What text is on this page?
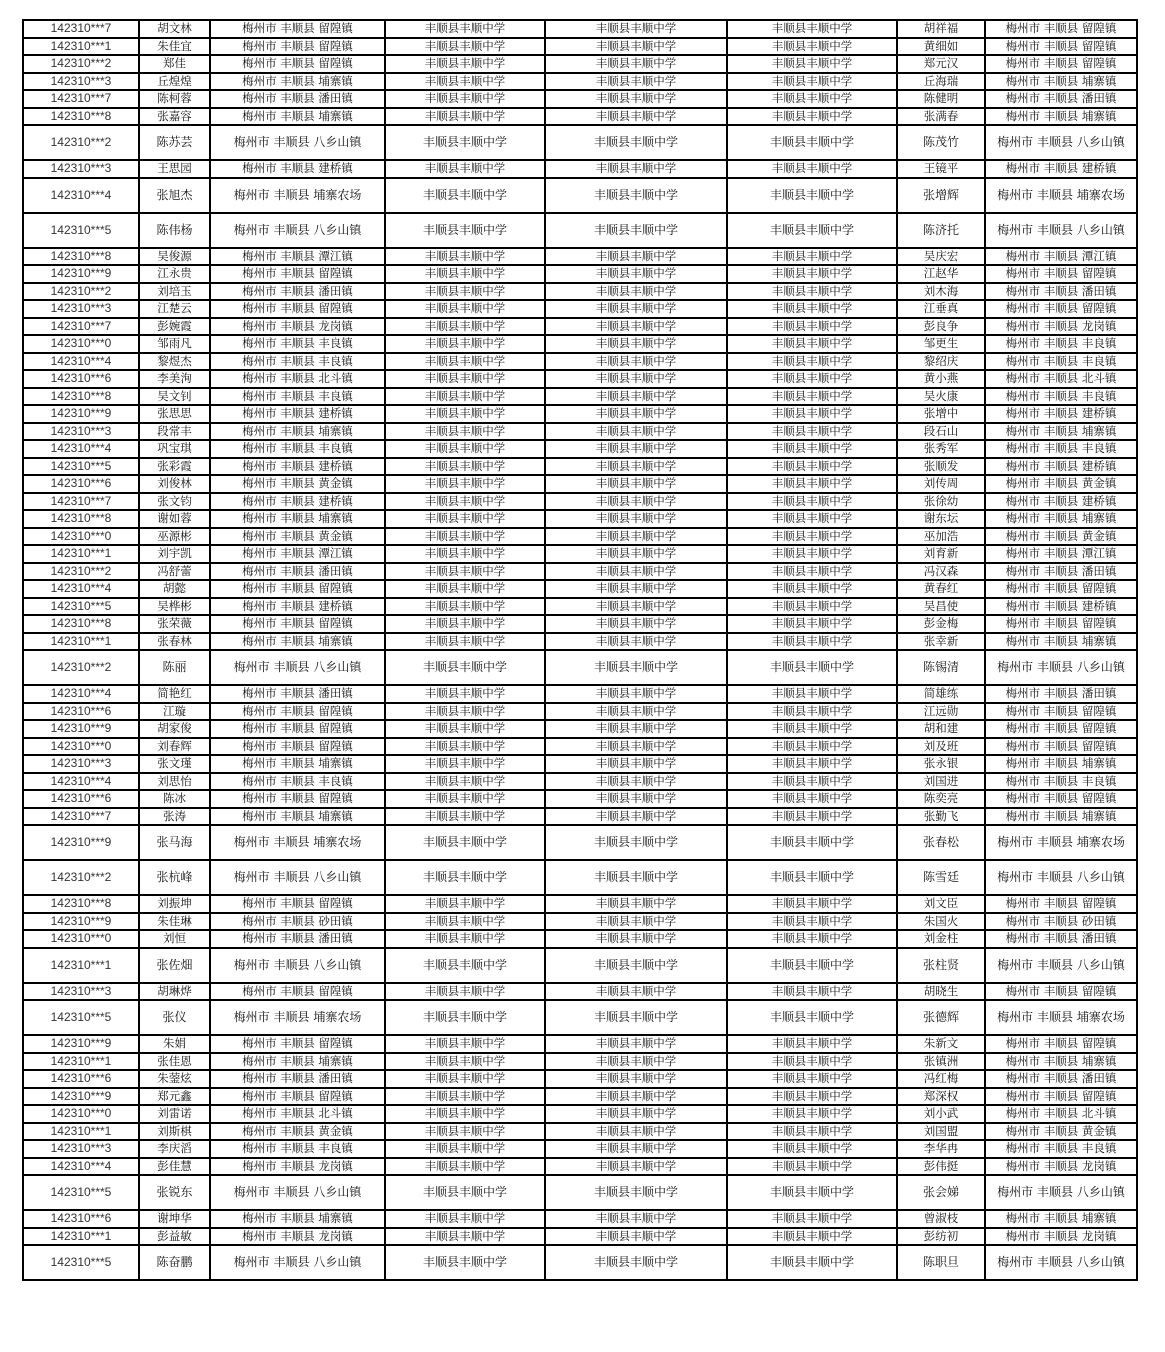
142310***7	胡文林	梅州市 丰顺县 留隍镇	丰顺县丰顺中学	丰顺县丰顺中学	丰顺县丰顺中学	胡祥福	梅州市 丰顺县 留隍镇
142310***1	朱佳宜	梅州市 丰顺县 留隍镇	丰顺县丰顺中学	丰顺县丰顺中学	丰顺县丰顺中学	黄细如	梅州市 丰顺县 留隍镇
142310***2	郑佳	梅州市 丰顺县 留隍镇	丰顺县丰顺中学	丰顺县丰顺中学	丰顺县丰顺中学	郑元汉	梅州市 丰顺县 留隍镇
142310***3	丘煌煌	梅州市 丰顺县 埔寨镇	丰顺县丰顺中学	丰顺县丰顺中学	丰顺县丰顺中学	丘海瑞	梅州市 丰顺县 埔寨镇
142310***7	陈柯蓉	梅州市 丰顺县 潘田镇	丰顺县丰顺中学	丰顺县丰顺中学	丰顺县丰顺中学	陈健明	梅州市 丰顺县 潘田镇
142310***8	张嘉容	梅州市 丰顺县 埔寨镇	丰顺县丰顺中学	丰顺县丰顺中学	丰顺县丰顺中学	张满春	梅州市 丰顺县 埔寨镇
142310***2	陈苏芸	梅州市 丰顺县 八乡山镇	丰顺县丰顺中学	丰顺县丰顺中学	丰顺县丰顺中学	陈茂竹	梅州市 丰顺县 八乡山镇
142310***3	王思园	梅州市 丰顺县 建桥镇	丰顺县丰顺中学	丰顺县丰顺中学	丰顺县丰顺中学	王镜平	梅州市 丰顺县 建桥镇
142310***4	张旭杰	梅州市 丰顺县 埔寨农场	丰顺县丰顺中学	丰顺县丰顺中学	丰顺县丰顺中学	张增辉	梅州市 丰顺县 埔寨农场
142310***5	陈伟杨	梅州市 丰顺县 八乡山镇	丰顺县丰顺中学	丰顺县丰顺中学	丰顺县丰顺中学	陈济托	梅州市 丰顺县 八乡山镇
142310***8	吴俊源	梅州市 丰顺县 潭江镇	丰顺县丰顺中学	丰顺县丰顺中学	丰顺县丰顺中学	吴庆宏	梅州市 丰顺县 潭江镇
142310***9	江永贵	梅州市 丰顺县 留隍镇	丰顺县丰顺中学	丰顺县丰顺中学	丰顺县丰顺中学	江赵华	梅州市 丰顺县 留隍镇
142310***2	刘培玉	梅州市 丰顺县 潘田镇	丰顺县丰顺中学	丰顺县丰顺中学	丰顺县丰顺中学	刘木海	梅州市 丰顺县 潘田镇
142310***3	江楚云	梅州市 丰顺县 留隍镇	丰顺县丰顺中学	丰顺县丰顺中学	丰顺县丰顺中学	江垂真	梅州市 丰顺县 留隍镇
142310***7	彭婉霞	梅州市 丰顺县 龙岗镇	丰顺县丰顺中学	丰顺县丰顺中学	丰顺县丰顺中学	彭良争	梅州市 丰顺县 龙岗镇
142310***0	邹雨凡	梅州市 丰顺县 丰良镇	丰顺县丰顺中学	丰顺县丰顺中学	丰顺县丰顺中学	邹更生	梅州市 丰顺县 丰良镇
142310***4	黎煜杰	梅州市 丰顺县 丰良镇	丰顺县丰顺中学	丰顺县丰顺中学	丰顺县丰顺中学	黎绍庆	梅州市 丰顺县 丰良镇
142310***6	李美洵	梅州市 丰顺县 北斗镇	丰顺县丰顺中学	丰顺县丰顺中学	丰顺县丰顺中学	黄小燕	梅州市 丰顺县 北斗镇
142310***8	吴文钊	梅州市 丰顺县 丰良镇	丰顺县丰顺中学	丰顺县丰顺中学	丰顺县丰顺中学	吴火康	梅州市 丰顺县 丰良镇
142310***9	张思思	梅州市 丰顺县 建桥镇	丰顺县丰顺中学	丰顺县丰顺中学	丰顺县丰顺中学	张增中	梅州市 丰顺县 建桥镇
142310***3	段常丰	梅州市 丰顺县 埔寨镇	丰顺县丰顺中学	丰顺县丰顺中学	丰顺县丰顺中学	段石山	梅州市 丰顺县 埔寨镇
142310***4	巩宝琪	梅州市 丰顺县 丰良镇	丰顺县丰顺中学	丰顺县丰顺中学	丰顺县丰顺中学	张秀军	梅州市 丰顺县 丰良镇
142310***5	张彩霞	梅州市 丰顺县 建桥镇	丰顺县丰顺中学	丰顺县丰顺中学	丰顺县丰顺中学	张顺发	梅州市 丰顺县 建桥镇
142310***6	刘俊林	梅州市 丰顺县 黄金镇	丰顺县丰顺中学	丰顺县丰顺中学	丰顺县丰顺中学	刘传周	梅州市 丰顺县 黄金镇
142310***7	张文钧	梅州市 丰顺县 建桥镇	丰顺县丰顺中学	丰顺县丰顺中学	丰顺县丰顺中学	张徐幼	梅州市 丰顺县 建桥镇
142310***8	谢如蓉	梅州市 丰顺县 埔寨镇	丰顺县丰顺中学	丰顺县丰顺中学	丰顺县丰顺中学	谢东坛	梅州市 丰顺县 埔寨镇
142310***0	巫源彬	梅州市 丰顺县 黄金镇	丰顺县丰顺中学	丰顺县丰顺中学	丰顺县丰顺中学	巫加浩	梅州市 丰顺县 黄金镇
142310***1	刘宇凯	梅州市 丰顺县 潭江镇	丰顺县丰顺中学	丰顺县丰顺中学	丰顺县丰顺中学	刘育新	梅州市 丰顺县 潭江镇
142310***2	冯舒蕾	梅州市 丰顺县 潘田镇	丰顺县丰顺中学	丰顺县丰顺中学	丰顺县丰顺中学	冯汉森	梅州市 丰顺县 潘田镇
142310***4	胡懿	梅州市 丰顺县 留隍镇	丰顺县丰顺中学	丰顺县丰顺中学	丰顺县丰顺中学	黄春红	梅州市 丰顺县 留隍镇
142310***5	吴桦彬	梅州市 丰顺县 建桥镇	丰顺县丰顺中学	丰顺县丰顺中学	丰顺县丰顺中学	吴昌使	梅州市 丰顺县 建桥镇
142310***8	张荣薇	梅州市 丰顺县 留隍镇	丰顺县丰顺中学	丰顺县丰顺中学	丰顺县丰顺中学	彭金梅	梅州市 丰顺县 留隍镇
142310***1	张春林	梅州市 丰顺县 埔寨镇	丰顺县丰顺中学	丰顺县丰顺中学	丰顺县丰顺中学	张幸新	梅州市 丰顺县 埔寨镇
142310***2	陈丽	梅州市 丰顺县 八乡山镇	丰顺县丰顺中学	丰顺县丰顺中学	丰顺县丰顺中学	陈锡清	梅州市 丰顺县 八乡山镇
142310***4	简艳红	梅州市 丰顺县 潘田镇	丰顺县丰顺中学	丰顺县丰顺中学	丰顺县丰顺中学	简雄练	梅州市 丰顺县 潘田镇
142310***6	江璇	梅州市 丰顺县 留隍镇	丰顺县丰顺中学	丰顺县丰顺中学	丰顺县丰顺中学	江远勋	梅州市 丰顺县 留隍镇
142310***9	胡家俊	梅州市 丰顺县 留隍镇	丰顺县丰顺中学	丰顺县丰顺中学	丰顺县丰顺中学	胡和建	梅州市 丰顺县 留隍镇
142310***0	刘春辉	梅州市 丰顺县 留隍镇	丰顺县丰顺中学	丰顺县丰顺中学	丰顺县丰顺中学	刘及班	梅州市 丰顺县 留隍镇
142310***3	张文瑾	梅州市 丰顺县 埔寨镇	丰顺县丰顺中学	丰顺县丰顺中学	丰顺县丰顺中学	张永银	梅州市 丰顺县 埔寨镇
142310***4	刘思怡	梅州市 丰顺县 丰良镇	丰顺县丰顺中学	丰顺县丰顺中学	丰顺县丰顺中学	刘国进	梅州市 丰顺县 丰良镇
142310***6	陈冰	梅州市 丰顺县 留隍镇	丰顺县丰顺中学	丰顺县丰顺中学	丰顺县丰顺中学	陈奕亮	梅州市 丰顺县 留隍镇
142310***7	张涛	梅州市 丰顺县 埔寨镇	丰顺县丰顺中学	丰顺县丰顺中学	丰顺县丰顺中学	张勤飞	梅州市 丰顺县 埔寨镇
142310***9	张马海	梅州市 丰顺县 埔寨农场	丰顺县丰顺中学	丰顺县丰顺中学	丰顺县丰顺中学	张春松	梅州市 丰顺县 埔寨农场
142310***2	张杭峰	梅州市 丰顺县 八乡山镇	丰顺县丰顺中学	丰顺县丰顺中学	丰顺县丰顺中学	陈雪廷	梅州市 丰顺县 八乡山镇
142310***8	刘振坤	梅州市 丰顺县 留隍镇	丰顺县丰顺中学	丰顺县丰顺中学	丰顺县丰顺中学	刘文臣	梅州市 丰顺县 留隍镇
142310***9	朱佳琳	梅州市 丰顺县 砂田镇	丰顺县丰顺中学	丰顺县丰顺中学	丰顺县丰顺中学	朱国火	梅州市 丰顺县 砂田镇
142310***0	刘恒	梅州市 丰顺县 潘田镇	丰顺县丰顺中学	丰顺县丰顺中学	丰顺县丰顺中学	刘金柱	梅州市 丰顺县 潘田镇
142310***1	张佐畑	梅州市 丰顺县 八乡山镇	丰顺县丰顺中学	丰顺县丰顺中学	丰顺县丰顺中学	张柱贤	梅州市 丰顺县 八乡山镇
142310***3	胡琳烨	梅州市 丰顺县 留隍镇	丰顺县丰顺中学	丰顺县丰顺中学	丰顺县丰顺中学	胡晓生	梅州市 丰顺县 留隍镇
142310***5	张仪	梅州市 丰顺县 埔寨农场	丰顺县丰顺中学	丰顺县丰顺中学	丰顺县丰顺中学	张德辉	梅州市 丰顺县 埔寨农场
142310***9	朱娟	梅州市 丰顺县 留隍镇	丰顺县丰顺中学	丰顺县丰顺中学	丰顺县丰顺中学	朱新文	梅州市 丰顺县 留隍镇
142310***1	张佳恩	梅州市 丰顺县 埔寨镇	丰顺县丰顺中学	丰顺县丰顺中学	丰顺县丰顺中学	张镇洲	梅州市 丰顺县 埔寨镇
142310***6	朱蓥炫	梅州市 丰顺县 潘田镇	丰顺县丰顺中学	丰顺县丰顺中学	丰顺县丰顺中学	冯红梅	梅州市 丰顺县 潘田镇
142310***9	郑元鑫	梅州市 丰顺县 留隍镇	丰顺县丰顺中学	丰顺县丰顺中学	丰顺县丰顺中学	郑深权	梅州市 丰顺县 留隍镇
142310***0	刘雷诺	梅州市 丰顺县 北斗镇	丰顺县丰顺中学	丰顺县丰顺中学	丰顺县丰顺中学	刘小武	梅州市 丰顺县 北斗镇
142310***1	刘斯棋	梅州市 丰顺县 黄金镇	丰顺县丰顺中学	丰顺县丰顺中学	丰顺县丰顺中学	刘国盟	梅州市 丰顺县 黄金镇
142310***3	李庆滔	梅州市 丰顺县 丰良镇	丰顺县丰顺中学	丰顺县丰顺中学	丰顺县丰顺中学	李华冉	梅州市 丰顺县 丰良镇
142310***4	彭佳慧	梅州市 丰顺县 龙岗镇	丰顺县丰顺中学	丰顺县丰顺中学	丰顺县丰顺中学	彭伟挺	梅州市 丰顺县 龙岗镇
142310***5	张锐东	梅州市 丰顺县 八乡山镇	丰顺县丰顺中学	丰顺县丰顺中学	丰顺县丰顺中学	张会娣	梅州市 丰顺县 八乡山镇
142310***6	谢坤华	梅州市 丰顺县 埔寨镇	丰顺县丰顺中学	丰顺县丰顺中学	丰顺县丰顺中学	曾淑枝	梅州市 丰顺县 埔寨镇
142310***1	彭益敏	梅州市 丰顺县 龙岗镇	丰顺县丰顺中学	丰顺县丰顺中学	丰顺县丰顺中学	彭纺初	梅州市 丰顺县 龙岗镇
142310***5	陈奋鹏	梅州市 丰顺县 八乡山镇	丰顺县丰顺中学	丰顺县丰顺中学	丰顺县丰顺中学	陈职旦	梅州市 丰顺县 八乡山镇
